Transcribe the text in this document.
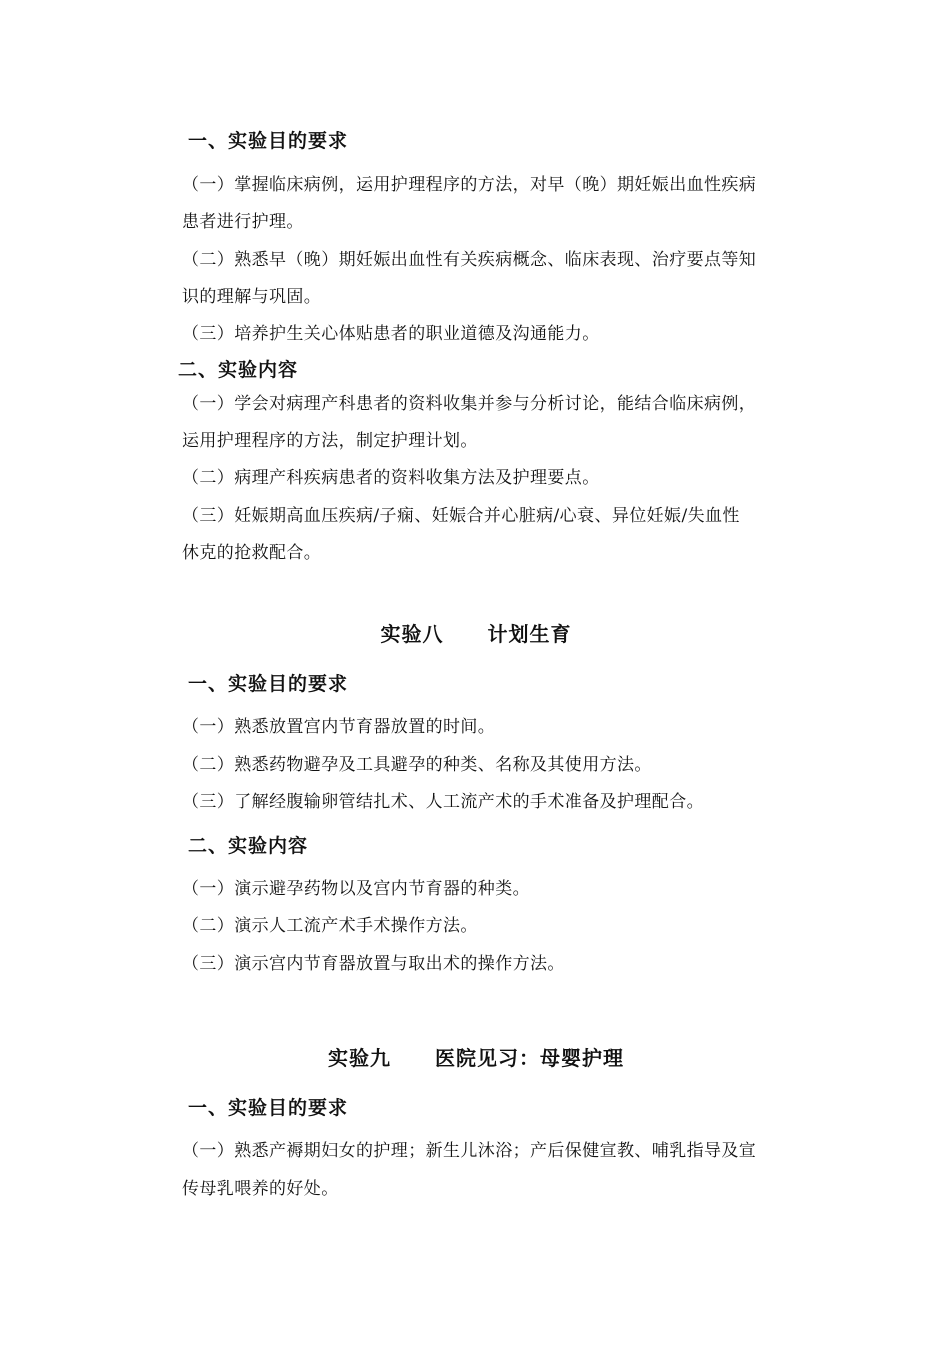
一、实验目的要求
（一）掌握临床病例，运用护理程序的方法，对早（晚）期妊娠出血性疾病
患者进行护理。
（二）熟悉早（晚）期妊娠出血性有关疾病概念、临床表现、治疗要点等知
识的理解与巩固。
（三）培养护生关心体贴患者的职业道德及沟通能力。
二、实验内容
（一）学会对病理产科患者的资料收集并参与分析讨论，能结合临床病例，
运用护理程序的方法，制定护理计划。
（二）病理产科疾病患者的资料收集方法及护理要点。
（三）妊娠期高血压疾病/子痫、妊娠合并心脏病/心衰、异位妊娠/失血性
休克的抢救配合。
实验八 计划生育
一、实验目的要求
（一）熟悉放置宫内节育器放置的时间。
（二）熟悉药物避孕及工具避孕的种类、名称及其使用方法。
（三）了解经腹输卵管结扎术、人工流产术的手术准备及护理配合。
二、实验内容
（一）演示避孕药物以及宫内节育器的种类。
（二）演示人工流产术手术操作方法。
（三）演示宫内节育器放置与取出术的操作方法。
实验九 医院见习：母婴护理
一、实验目的要求
（一）熟悉产褥期妇女的护理；新生儿沐浴；产后保健宣教、哺乳指导及宣
传母乳喂养的好处。
